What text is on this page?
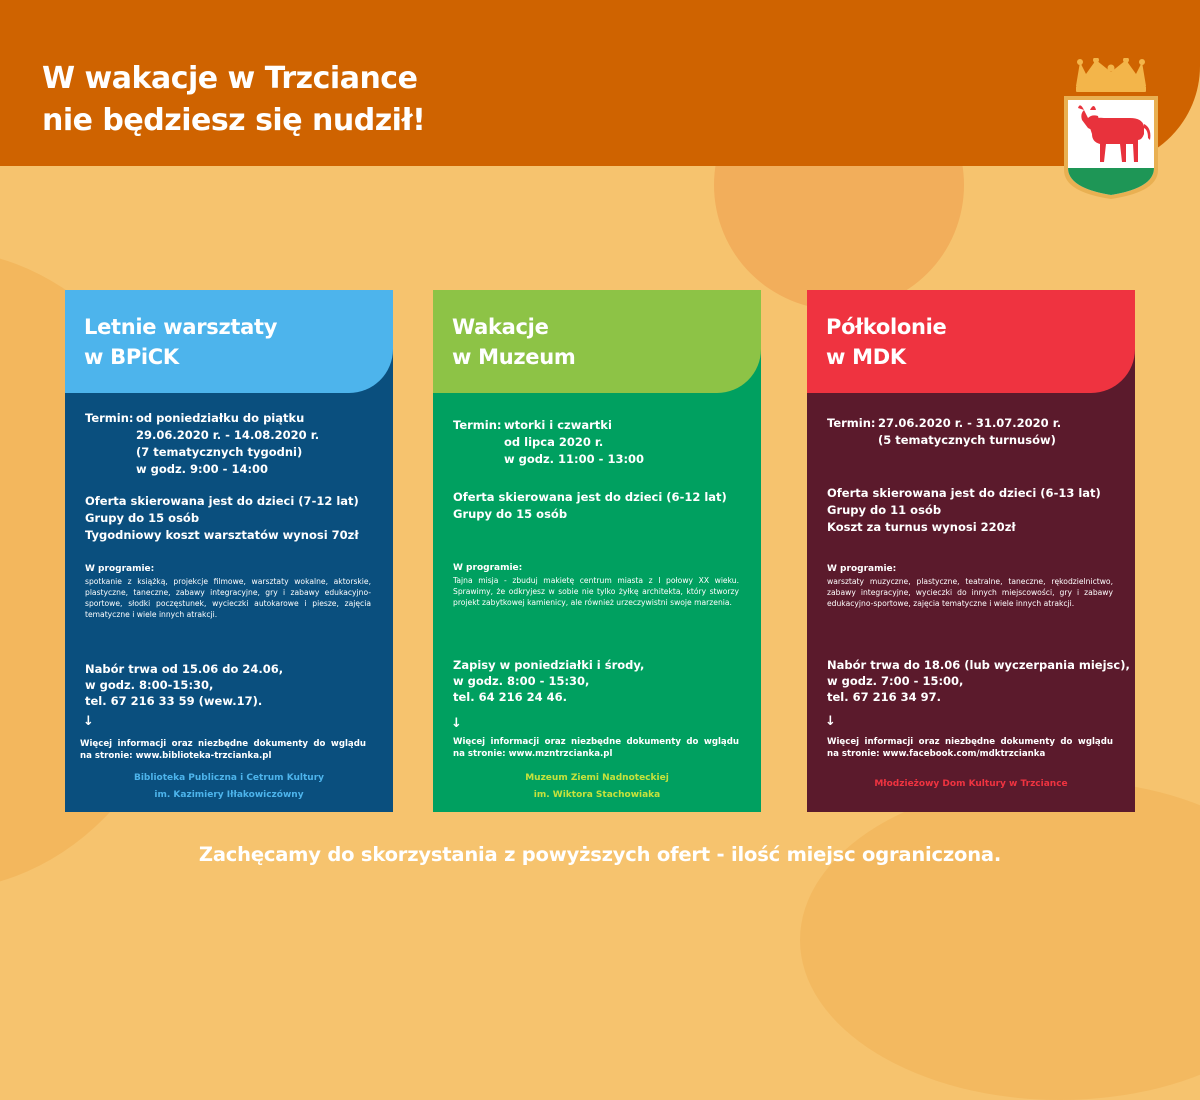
W wakacje w Trzciance
nie będziesz się nudził!
Letnie warsztaty
w BPiCK
Termin: od poniedziałku do piątku
29.06.2020 r. - 14.08.2020 r.
(7 tematycznych tygodni)
w godz. 9:00 - 14:00
Oferta skierowana jest do dzieci (7-12 lat)
Grupy do 15 osób
Tygodniowy koszt warsztatów wynosi 70zł
W programie:
spotkanie z książką, projekcje filmowe, warsztaty wokalne, aktorskie, plastyczne, taneczne, zabawy integracyjne, gry i zabawy edukacyjno-sportowe, słodki poczęstunek, wycieczki autokarowe i piesze, zajęcia tematyczne i wiele innych atrakcji.
Nabór trwa od 15.06 do 24.06,
w godz. 8:00-15:30,
tel. 67 216 33 59 (wew.17).
↓
Więcej informacji oraz niezbędne dokumenty do wglądu na stronie: www.biblioteka-trzcianka.pl
Biblioteka Publiczna i Cetrum Kultury
im. Kazimiery Iłłakowiczówny
Wakacje
w Muzeum
Termin: wtorki i czwartki
od lipca 2020 r.
w godz. 11:00 - 13:00
Oferta skierowana jest do dzieci (6-12 lat)
Grupy do 15 osób
W programie:
Tajna misja - zbuduj makietę centrum miasta z I połowy XX wieku. Sprawimy, że odkryjesz w sobie nie tylko żyłkę architekta, który stworzy projekt zabytkowej kamienicy, ale również urzeczywistni swoje marzenia.
Zapisy w poniedziałki i środy,
w godz. 8:00 - 15:30,
tel. 64 216 24 46.
↓
Więcej informacji oraz niezbędne dokumenty do wglądu na stronie: www.mzntrzcianka.pl
Muzeum Ziemi Nadnoteckiej
im. Wiktora Stachowiaka
Półkolonie
w MDK
Termin: 27.06.2020 r. - 31.07.2020 r.
(5 tematycznych turnusów)
Oferta skierowana jest do dzieci (6-13 lat)
Grupy do 11 osób
Koszt za turnus wynosi 220zł
W programie:
warsztaty muzyczne, plastyczne, teatralne, taneczne, rękodzielnictwo, zabawy integracyjne, wycieczki do innych miejscowości, gry i zabawy edukacyjno-sportowe, zajęcia tematyczne i wiele innych atrakcji.
Nabór trwa do 18.06 (lub wyczerpania miejsc),
w godz. 7:00 - 15:00,
tel. 67 216 34 97.
↓
Więcej informacji oraz niezbędne dokumenty do wglądu na stronie: www.facebook.com/mdktrzcianka
Młodzieżowy Dom Kultury w Trzciance
Zachęcamy do skorzystania z powyższych ofert - ilość miejsc ograniczona.
